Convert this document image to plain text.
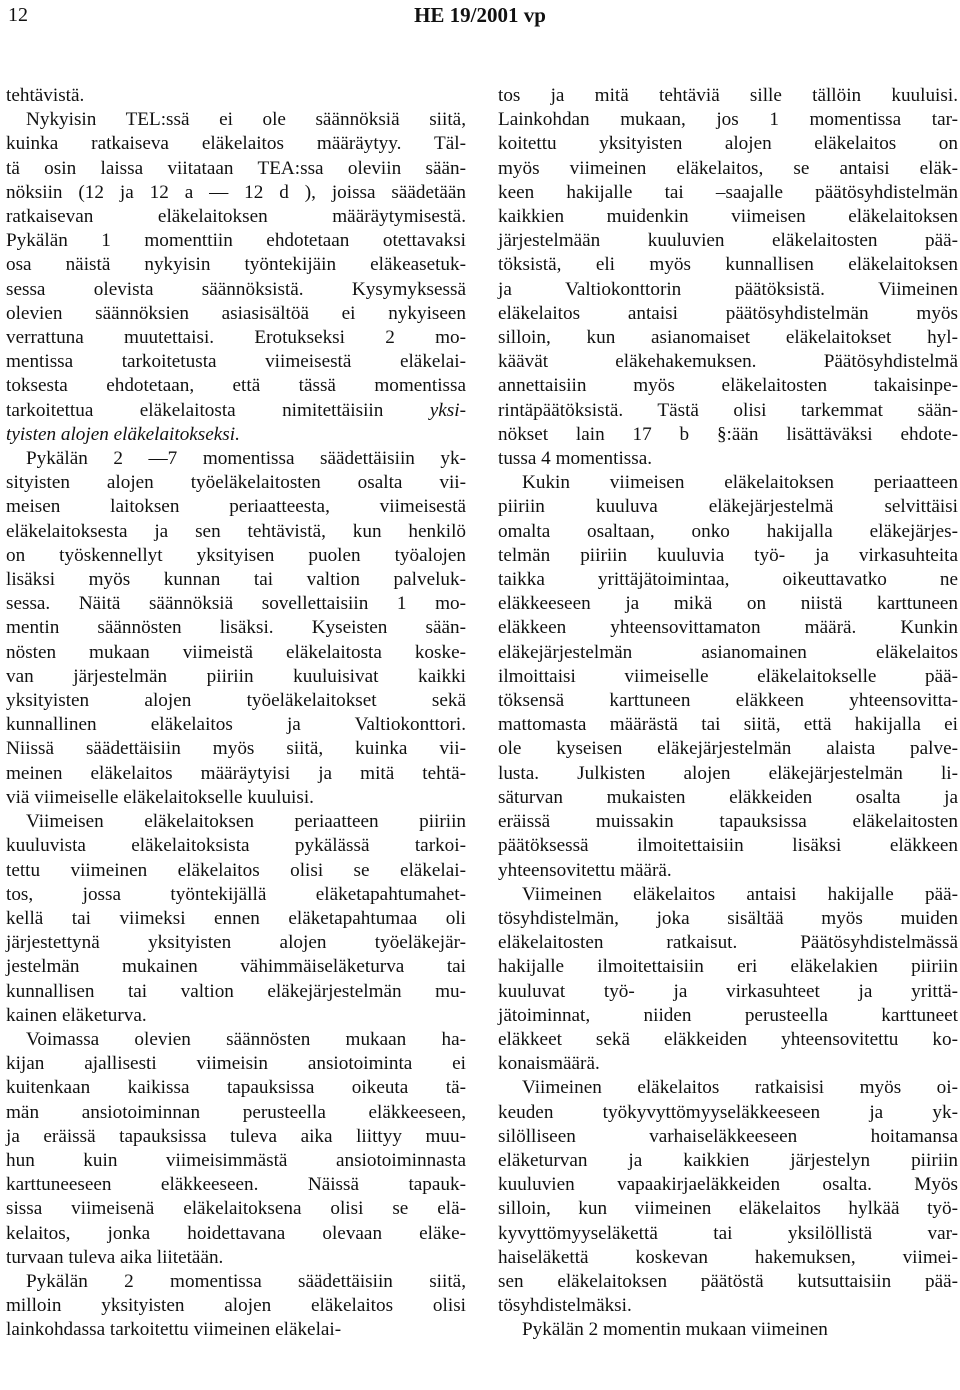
12	HE 19/2001 vp

tehtävistä.

Nykyisin TEL:ssä ei ole säännöksiä siitä,
kuinka ratkaiseva eläkelaitos määräytyy. Täl-
tä osin laissa viitataan TEA:ssa oleviin sään-
nöksiin (12 ja 12 a — 12 d ), joissa säädetään
ratkaisevan eläkelaitoksen määräytymisestä.
Pykälän 1 momenttiin ehdotetaan otettavaksi
osa näistä nykyisin työntekijäin eläkeasetuk-
sessa olevista säännöksistä. Kysymyksessä
olevien säännöksien asiasisältöä ei nykyiseen
verrattuna muutettaisi. Erotukseksi 2 mo-
mentissa tarkoitetusta viimeisestä eläkelai-
toksesta ehdotetaan, että tässä momentissa
tarkoitettua eläkelaitosta nimitettäisiin yksi-
tyisten alojen eläkelaitokseksi.

Pykälän 2 —7 momentissa säädettäisiin yk-
sityisten alojen työeläkelaitosten osalta vii-
meisen laitoksen periaatteesta, viimeisestä
eläkelaitoksesta ja sen tehtävistä, kun henkilö
on työskennellyt yksityisen puolen työalojen
lisäksi myös kunnan tai valtion palveluk-
sessa. Näitä säännöksiä sovellettaisiin 1 mo-
mentin säännösten lisäksi. Kyseisten sään-
nösten mukaan viimeistä eläkelaitosta koske-
van järjestelmän piiriin kuuluisivat kaikki
yksityisten alojen työeläkelaitokset sekä
kunnallinen eläkelaitos ja Valtiokonttori.
Niissä säädettäisiin myös siitä, kuinka vii-
meinen eläkelaitos määräytyisi ja mitä tehtä-
viä viimeiselle eläkelaitokselle kuuluisi.

Viimeisen eläkelaitoksen periaatteen piiriin
kuuluvista eläkelaitoksista pykälässä tarkoi-
tettu viimeinen eläkelaitos olisi se eläkelai-
tos, jossa työntekijällä eläketapahtumahet-
kellä tai viimeksi ennen eläketapahtumaa oli
järjestettynä yksityisten alojen työeläkejär-
jestelmän mukainen vähimmäiseläketurva tai
kunnallisen tai valtion eläkejärjestelmän mu-
kainen eläketurva.

Voimassa olevien säännösten mukaan ha-
kijan ajallisesti viimeisin ansiotoiminta ei
kuitenkaan kaikissa tapauksissa oikeuta tä-
män ansiotoiminnan perusteella eläkkeeseen,
ja eräissä tapauksissa tuleva aika liittyy muu-
hun kuin viimeisimmästä ansiotoiminnasta
karttuneeseen eläkkeeseen. Näissä tapauk-
sissa viimeisenä eläkelaitoksena olisi se elä-
kelaitos, jonka hoidettavana olevaan eläke-
turvaan tuleva aika liitetään.

Pykälän 2 momentissa säädettäisiin siitä,
milloin yksityisten alojen eläkelaitos olisi
lainkohdassa tarkoitettu viimeinen eläkelai-

tos ja mitä tehtäviä sille tällöin kuuluisi.
Lainkohdan mukaan, jos 1 momentissa tar-
koitettu yksityisten alojen eläkelaitos on
myös viimeinen eläkelaitos, se antaisi eläk-
keen hakijalle tai –saajalle päätösyhdistelmän
kaikkien muidenkin viimeisen eläkelaitoksen
järjestelmään kuuluvien eläkelaitosten pää-
töksistä, eli myös kunnallisen eläkelaitoksen
ja Valtiokonttorin päätöksistä. Viimeinen
eläkelaitos antaisi päätösyhdistelmän myös
silloin, kun asianomaiset eläkelaitokset hyl-
käävät eläkehakemuksen. Päätösyhdistelmä
annettaisiin myös eläkelaitosten takaisinpe-
rintäpäätöksistä. Tästä olisi tarkemmat sään-
nökset lain 17 b §:ään lisättäväksi ehdote-
tussa 4 momentissa.

Kukin viimeisen eläkelaitoksen periaatteen
piiriin kuuluva eläkejärjestelmä selvittäisi
omalta osaltaan, onko hakijalla eläkejärjes-
telmän piiriin kuuluvia työ- ja virkasuhteita
taikka yrittäjätoimintaa, oikeuttavatko ne
eläkkeeseen ja mikä on niistä karttuneen
eläkkeen yhteensovittamaton määrä. Kunkin
eläkejärjestelmän asianomainen eläkelaitos
ilmoittaisi viimeiselle eläkelaitokselle pää-
töksensä karttuneen eläkkeen yhteensovitta-
mattomasta määrästä tai siitä, että hakijalla ei
ole kyseisen eläkejärjestelmän alaista palve-
lusta. Julkisten alojen eläkejärjestelmän li-
säturvan mukaisten eläkkeiden osalta ja
eräissä muissakin tapauksissa eläkelaitosten
päätöksessä ilmoitettaisiin lisäksi eläkkeen
yhteensovitettu määrä.

Viimeinen eläkelaitos antaisi hakijalle pää-
tösyhdistelmän, joka sisältää myös muiden
eläkelaitosten ratkaisut. Päätösyhdistelmässä
hakijalle ilmoitettaisiin eri eläkelakien piiriin
kuuluvat työ- ja virkasuhteet ja yrittä-
jätoiminnat, niiden perusteella karttuneet
eläkkeet sekä eläkkeiden yhteensovitettu ko-
konaismäärä.

Viimeinen eläkelaitos ratkaisisi myös oi-
keuden työkyvyttömyyseläkkeeseen ja yk-
silölliseen varhaiseläkkeeseen hoitamansa
eläketurvan ja kaikkien järjestelyn piiriin
kuuluvien vapaakirjaeläkkeiden osalta. Myös
silloin, kun viimeinen eläkelaitos hylkää työ-
kyvyttömyyseläkettä tai yksilöllistä var-
haiseläkettä koskevan hakemuksen, viimei-
sen eläkelaitoksen päätöstä kutsuttaisiin pää-
tösyhdistelmäksi.

Pykälän 2 momentin mukaan viimeinen
